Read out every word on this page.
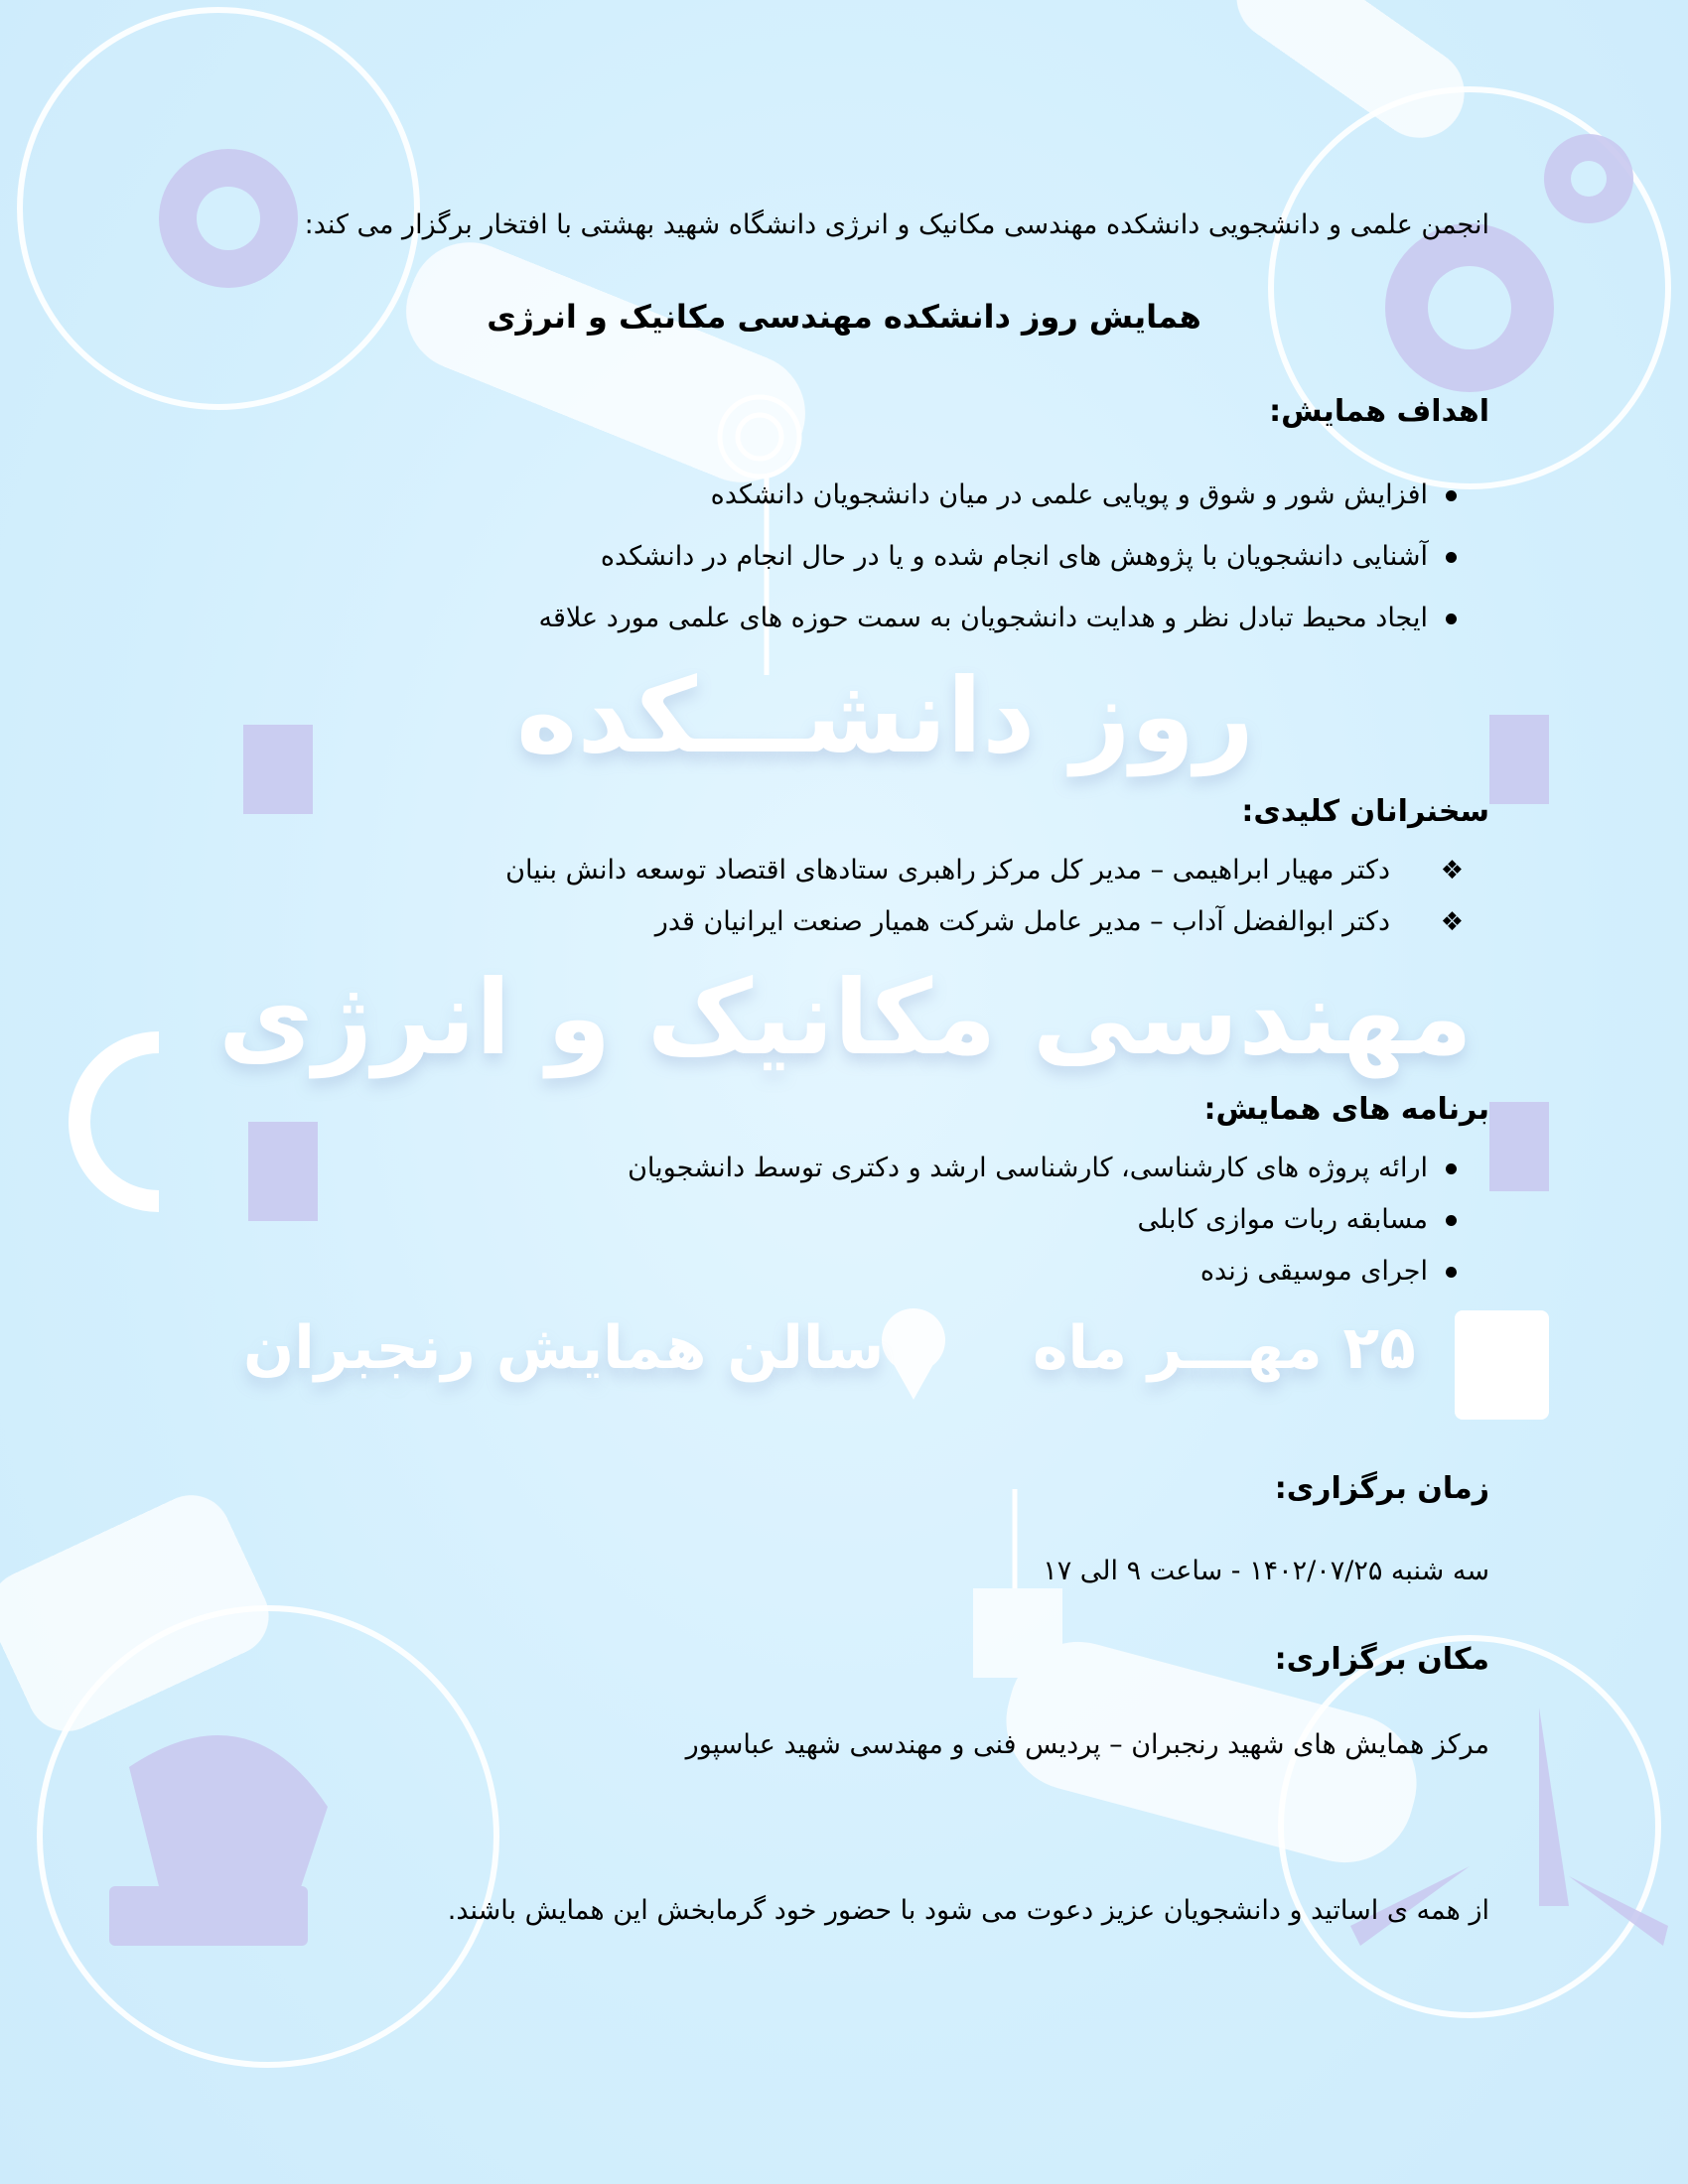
روز دانشـــکده
مهندسی مکانیک و انرژی
۲۵ مهـــر ماه
سالن همایش رنجبران
انجمن علمی و دانشجویی دانشکده مهندسی مکانیک و انرژی دانشگاه شهید بهشتی با افتخار برگزار می کند:
همایش روز دانشکده مهندسی مکانیک و انرژی
اهداف همایش:
افزایش شور و شوق و پویایی علمی در میان دانشجویان دانشکده
آشنایی دانشجویان با پژوهش های انجام شده و یا در حال انجام در دانشکده
ایجاد محیط تبادل نظر و هدایت دانشجویان به سمت حوزه های علمی مورد علاقه
سخنرانان کلیدی:
❖
دکتر مهیار ابراهیمی – مدیر کل مرکز راهبری ستادهای اقتصاد توسعه دانش بنیان
❖
دکتر ابوالفضل آداب – مدیر عامل شرکت همیار صنعت ایرانیان قدر
برنامه های همایش:
ارائه پروژه های کارشناسی، کارشناسی ارشد و دکتری توسط دانشجویان
مسابقه ربات موازی کابلی
اجرای موسیقی زنده
زمان برگزاری:
سه شنبه ۱۴۰۲/۰۷/۲۵ - ساعت ۹ الی ۱۷
مکان برگزاری:
مرکز همایش های شهید رنجبران – پردیس فنی و مهندسی شهید عباسپور
از همه ی اساتید و دانشجویان عزیز دعوت می شود با حضور خود گرمابخش این همایش باشند.
